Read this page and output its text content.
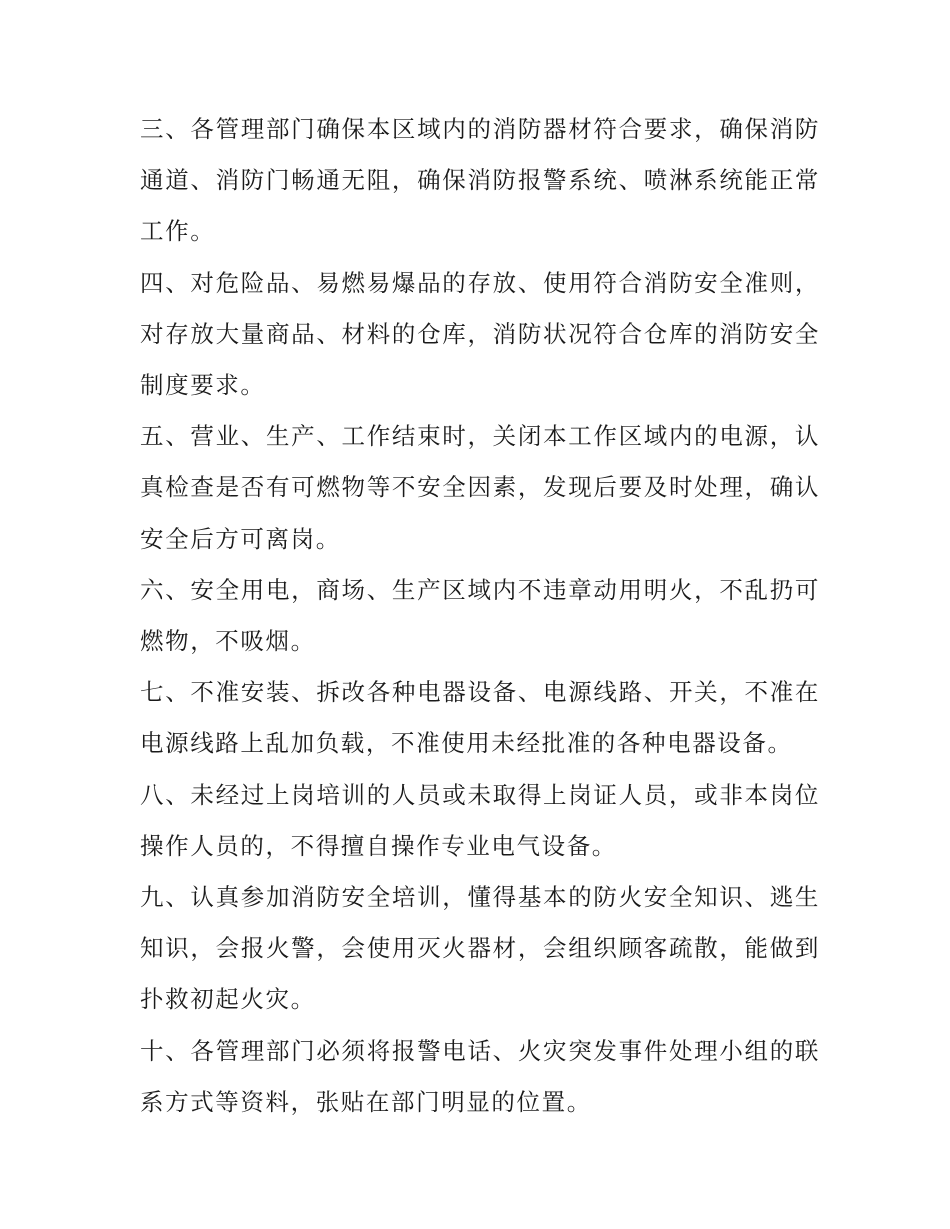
三、各管理部门确保本区域内的消防器材符合要求，确保消防通道、消防门畅通无阻，确保消防报警系统、喷淋系统能正常工作。

四、对危险品、易燃易爆品的存放、使用符合消防安全准则，对存放大量商品、材料的仓库，消防状况符合仓库的消防安全制度要求。

五、营业、生产、工作结束时，关闭本工作区域内的电源，认真检查是否有可燃物等不安全因素，发现后要及时处理，确认安全后方可离岗。

六、安全用电，商场、生产区域内不违章动用明火，不乱扔可燃物，不吸烟。

七、不准安装、拆改各种电器设备、电源线路、开关，不准在电源线路上乱加负载，不准使用未经批准的各种电器设备。

八、未经过上岗培训的人员或未取得上岗证人员，或非本岗位操作人员的，不得擅自操作专业电气设备。

九、认真参加消防安全培训，懂得基本的防火安全知识、逃生知识，会报火警，会使用灭火器材，会组织顾客疏散，能做到扑救初起火灾。

十、各管理部门必须将报警电话、火灾突发事件处理小组的联系方式等资料，张贴在部门明显的位置。
